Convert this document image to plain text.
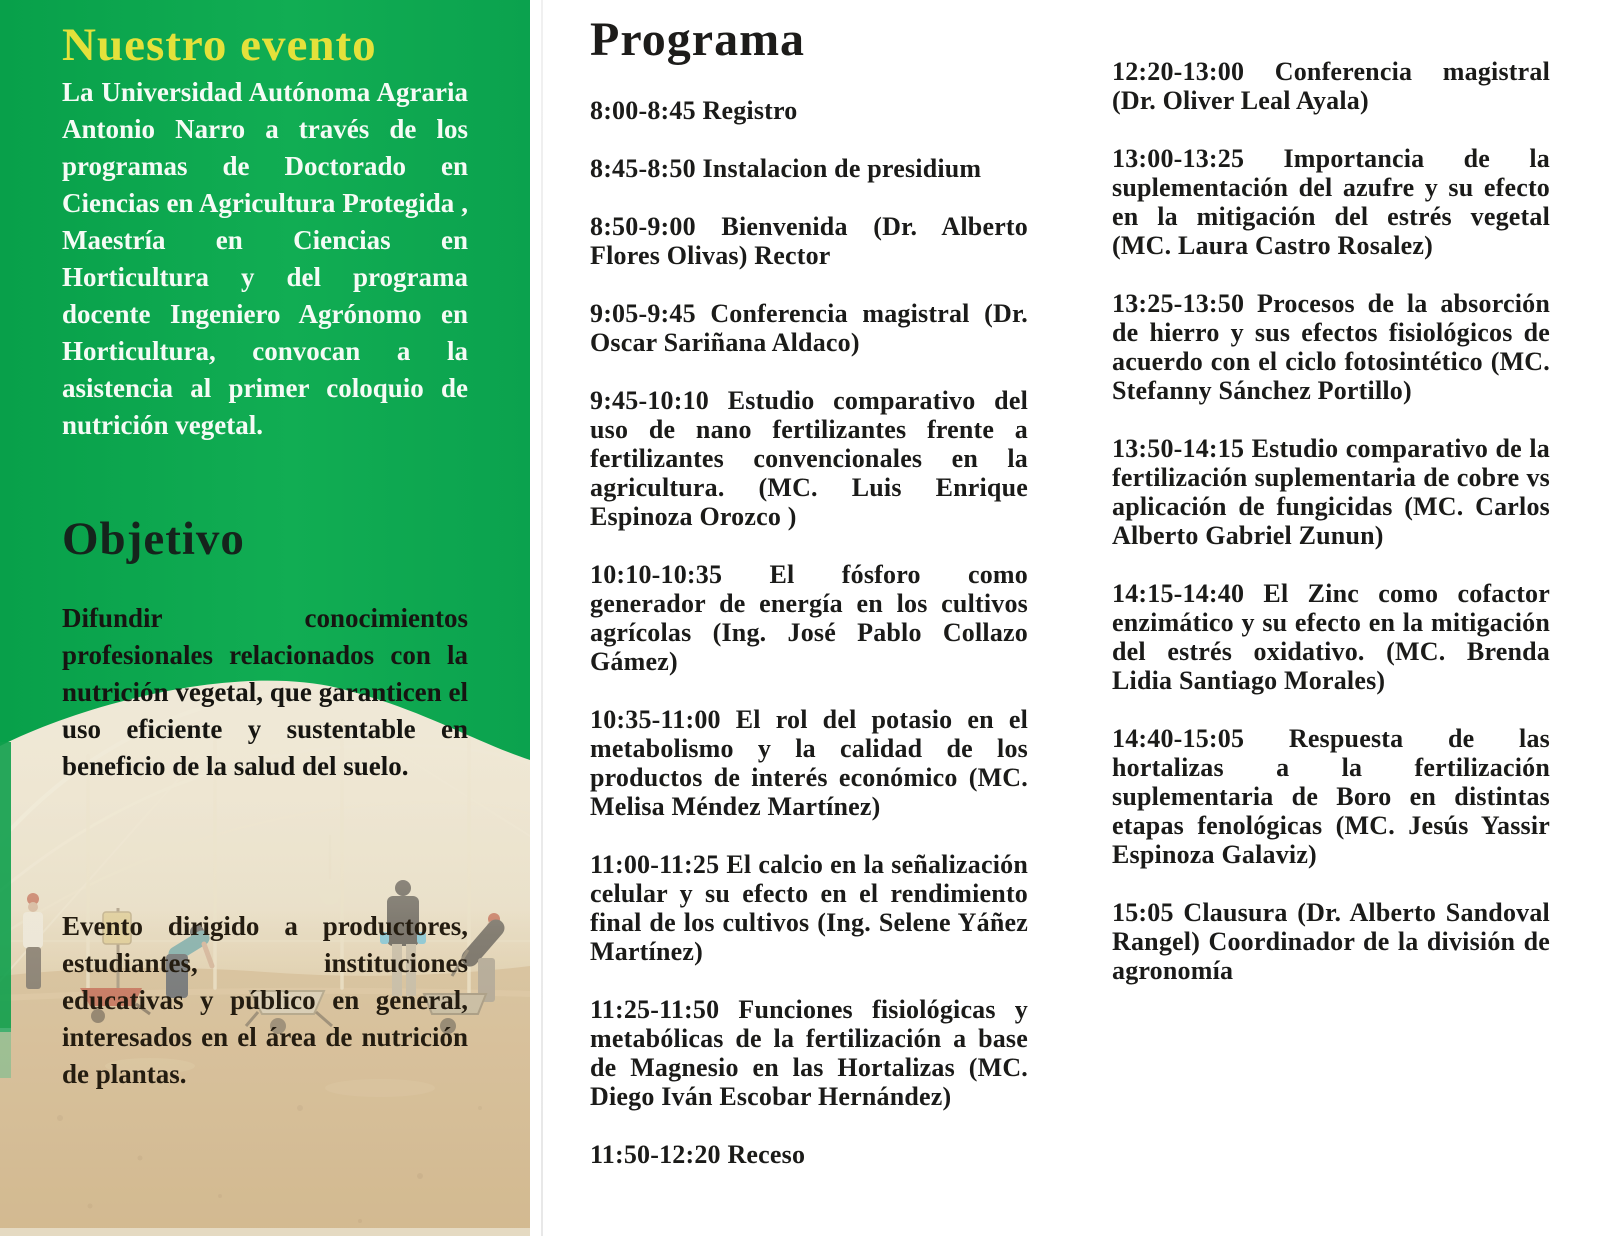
Nuestro evento

La Universidad Autónoma Agraria Antonio Narro a través de los programas de Doctorado en Ciencias en Agricultura Protegida , Maestría en Ciencias en Horticultura y del programa docente Ingeniero Agrónomo en Horticultura, convocan a la asistencia al primer coloquio de nutrición vegetal.

Objetivo

Difundir conocimientos profesionales relacionados con la nutrición vegetal, que garanticen el uso eficiente y sustentable en beneficio de la salud del suelo.

Evento dirigido a productores, estudiantes, instituciones educativas y público en general, interesados en el área de nutrición de plantas.

Programa

8:00-8:45 Registro

8:45-8:50 Instalacion de presidium

8:50-9:00 Bienvenida (Dr. Alberto Flores Olivas) Rector

9:05-9:45 Conferencia magistral (Dr. Oscar Sariñana Aldaco)

9:45-10:10 Estudio comparativo del uso de nano fertilizantes frente a fertilizantes convencionales en la agricultura. (MC. Luis Enrique Espinoza Orozco )

10:10-10:35 El fósforo como generador de energía en los cultivos agrícolas (Ing. José Pablo Collazo Gámez)

10:35-11:00 El rol del potasio en el metabolismo y la calidad de los productos de interés económico (MC. Melisa Méndez Martínez)

11:00-11:25 El calcio en la señalización celular y su efecto en el rendimiento final de los cultivos (Ing. Selene Yáñez Martínez)

11:25-11:50 Funciones fisiológicas y metabólicas de la fertilización a base de Magnesio en las Hortalizas (MC. Diego Iván Escobar Hernández)

11:50-12:20 Receso

12:20-13:00 Conferencia magistral (Dr. Oliver Leal Ayala)

13:00-13:25 Importancia de la suplementación del azufre y su efecto en la mitigación del estrés vegetal (MC. Laura Castro Rosalez)

13:25-13:50 Procesos de la absorción de hierro y sus efectos fisiológicos de acuerdo con el ciclo fotosintético (MC. Stefanny Sánchez Portillo)

13:50-14:15 Estudio comparativo de la fertilización suplementaria de cobre vs aplicación de fungicidas (MC. Carlos Alberto Gabriel Zunun)

14:15-14:40 El Zinc como cofactor enzimático y su efecto en la mitigación del estrés oxidativo. (MC. Brenda Lidia Santiago Morales)

14:40-15:05 Respuesta de las hortalizas a la fertilización suplementaria de Boro en distintas etapas fenológicas (MC. Jesús Yassir Espinoza Galaviz)

15:05 Clausura (Dr. Alberto Sandoval Rangel) Coordinador de la división de agronomía
